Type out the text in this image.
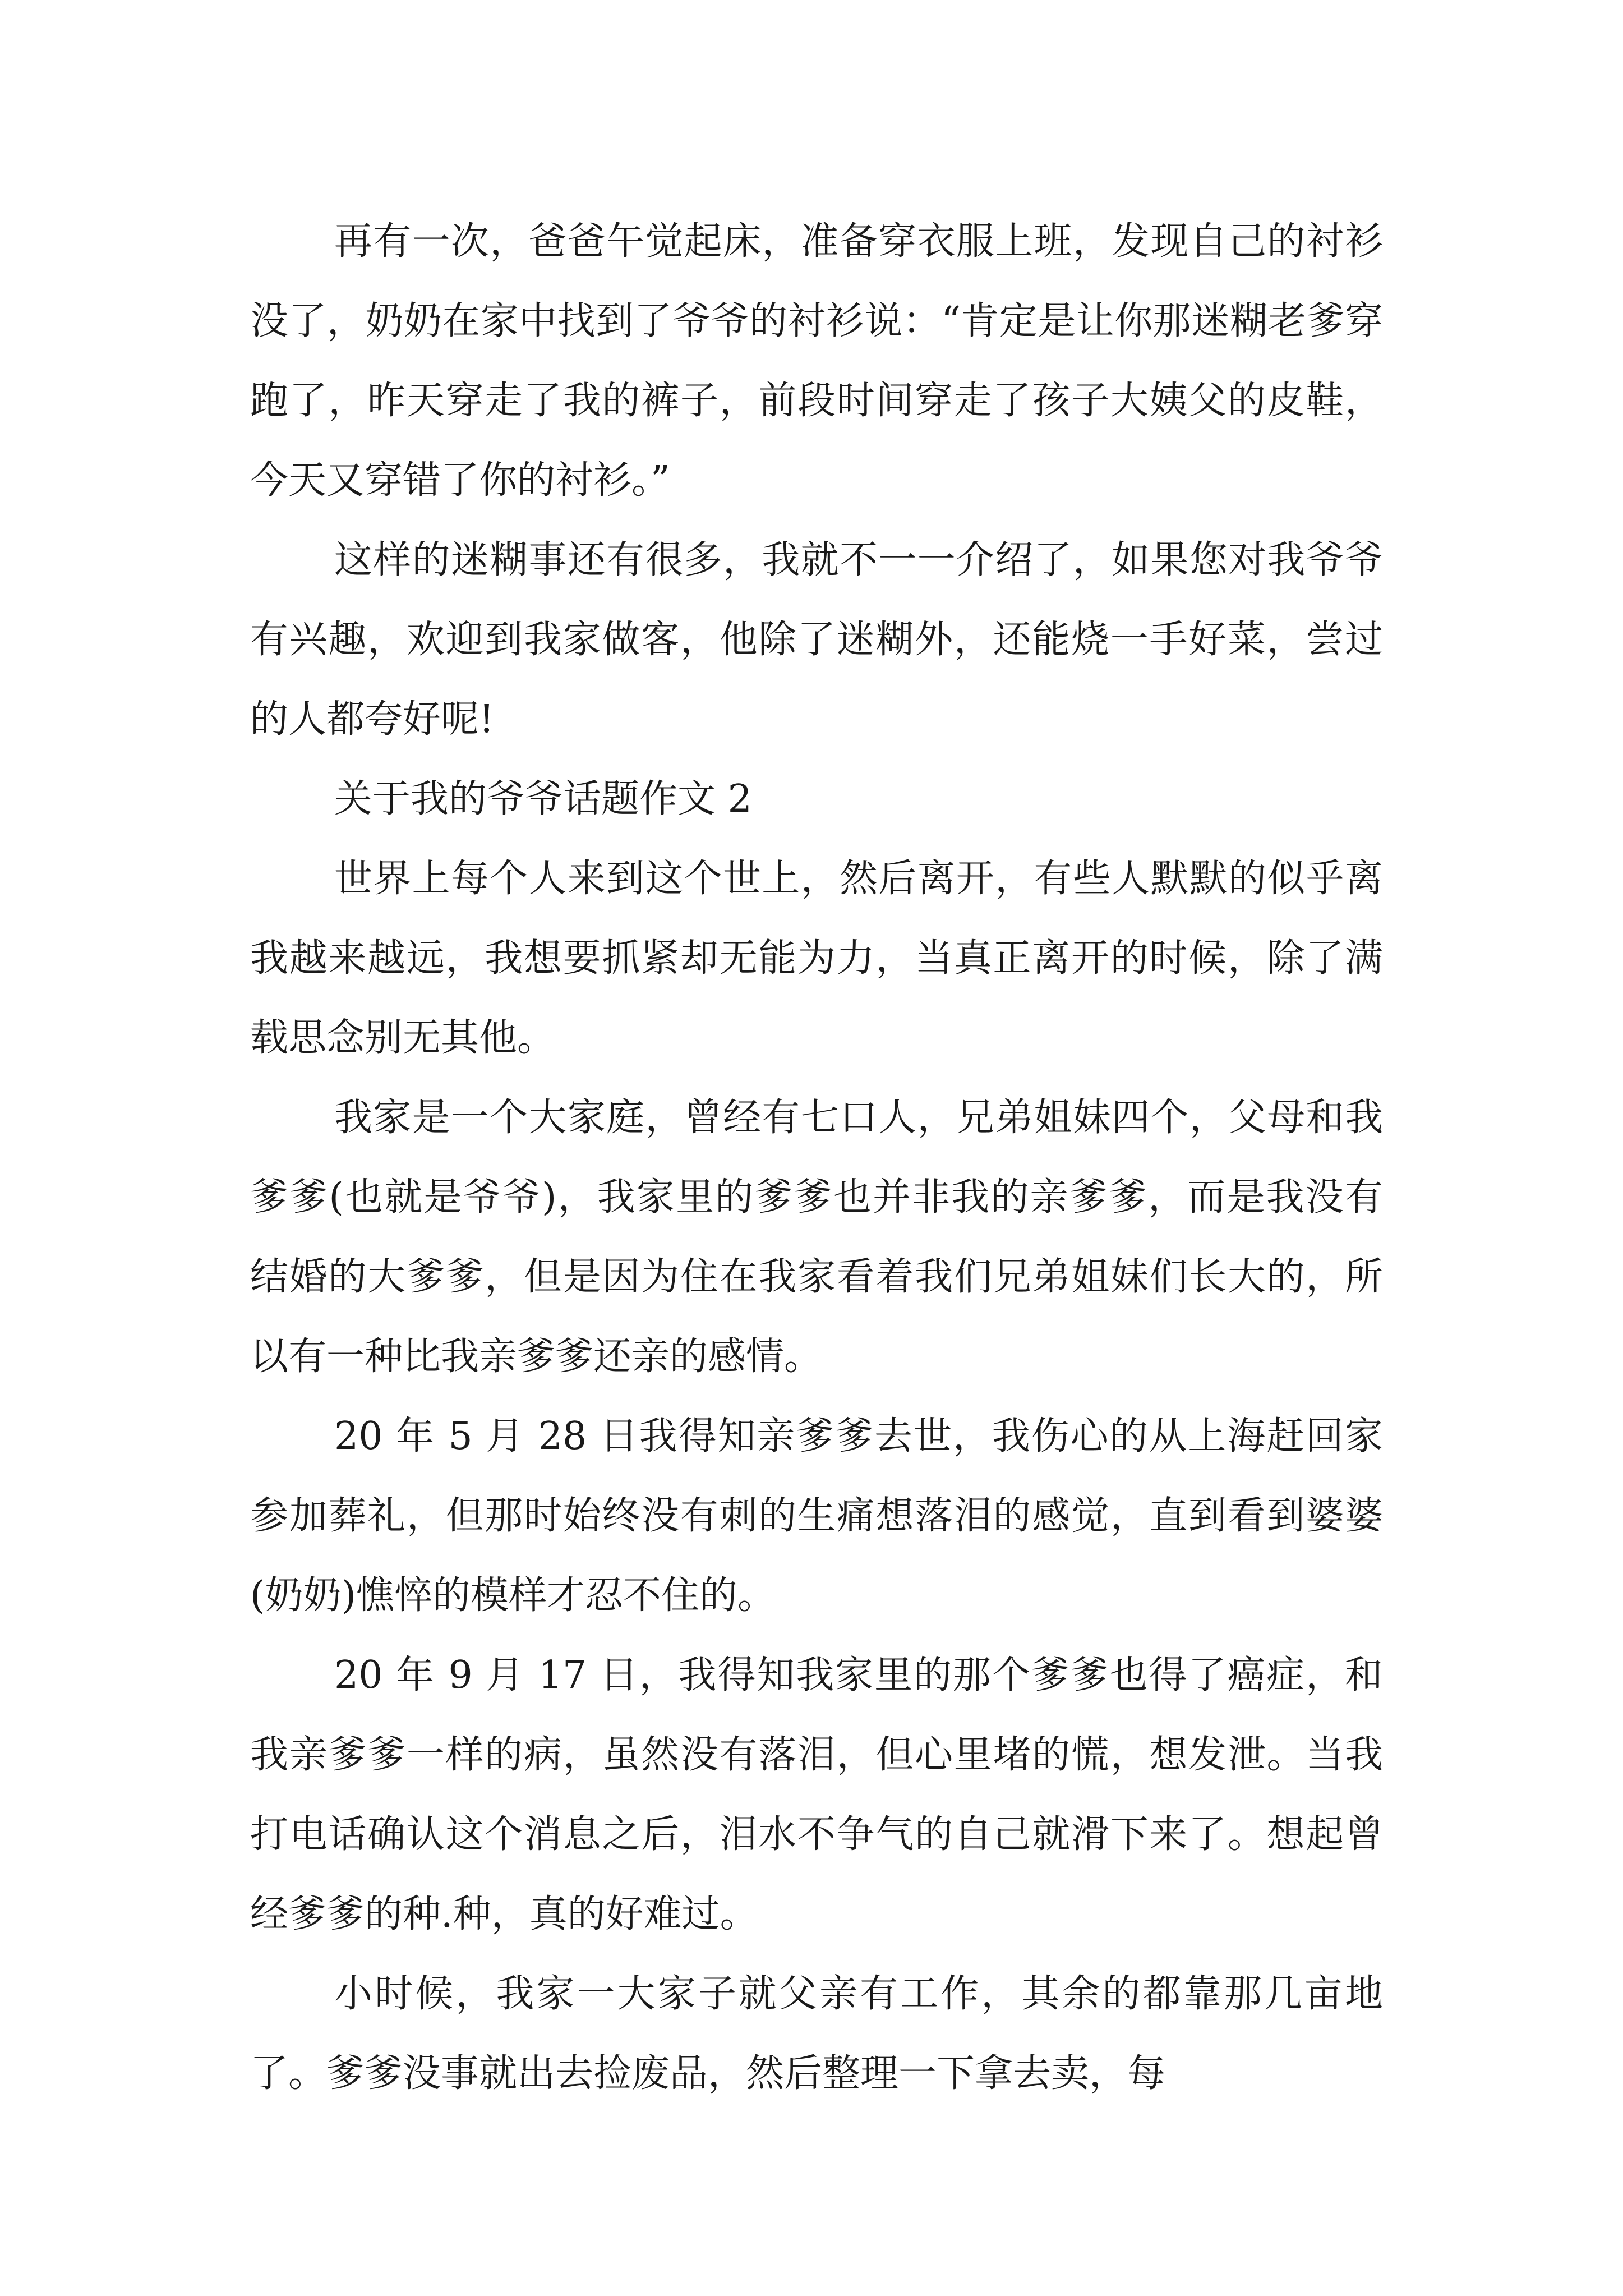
再有一次，爸爸午觉起床，准备穿衣服上班，发现自己的衬衫没了，奶奶在家中找到了爷爷的衬衫说：“肯定是让你那迷糊老爹穿跑了，昨天穿走了我的裤子，前段时间穿走了孩子大姨父的皮鞋，今天又穿错了你的衬衫。”

这样的迷糊事还有很多，我就不一一介绍了，如果您对我爷爷有兴趣，欢迎到我家做客，他除了迷糊外，还能烧一手好菜，尝过的人都夸好呢!

关于我的爷爷话题作文 2

世界上每个人来到这个世上，然后离开，有些人默默的似乎离我越来越远，我想要抓紧却无能为力，当真正离开的时候，除了满载思念别无其他。

我家是一个大家庭，曾经有七口人，兄弟姐妹四个，父母和我爹爹(也就是爷爷)，我家里的爹爹也并非我的亲爹爹，而是我没有结婚的大爹爹，但是因为住在我家看着我们兄弟姐妹们长大的，所以有一种比我亲爹爹还亲的感情。

20 年 5 月 28 日我得知亲爹爹去世，我伤心的从上海赶回家参加葬礼，但那时始终没有刺的生痛想落泪的感觉，直到看到婆婆(奶奶)憔悴的模样才忍不住的。

20 年 9 月 17 日，我得知我家里的那个爹爹也得了癌症，和我亲爹爹一样的病，虽然没有落泪，但心里堵的慌，想发泄。当我打电话确认这个消息之后，泪水不争气的自己就滑下来了。想起曾经爹爹的种.种，真的好难过。

小时候，我家一大家子就父亲有工作，其余的都靠那几亩地了。爹爹没事就出去捡废品，然后整理一下拿去卖，每
